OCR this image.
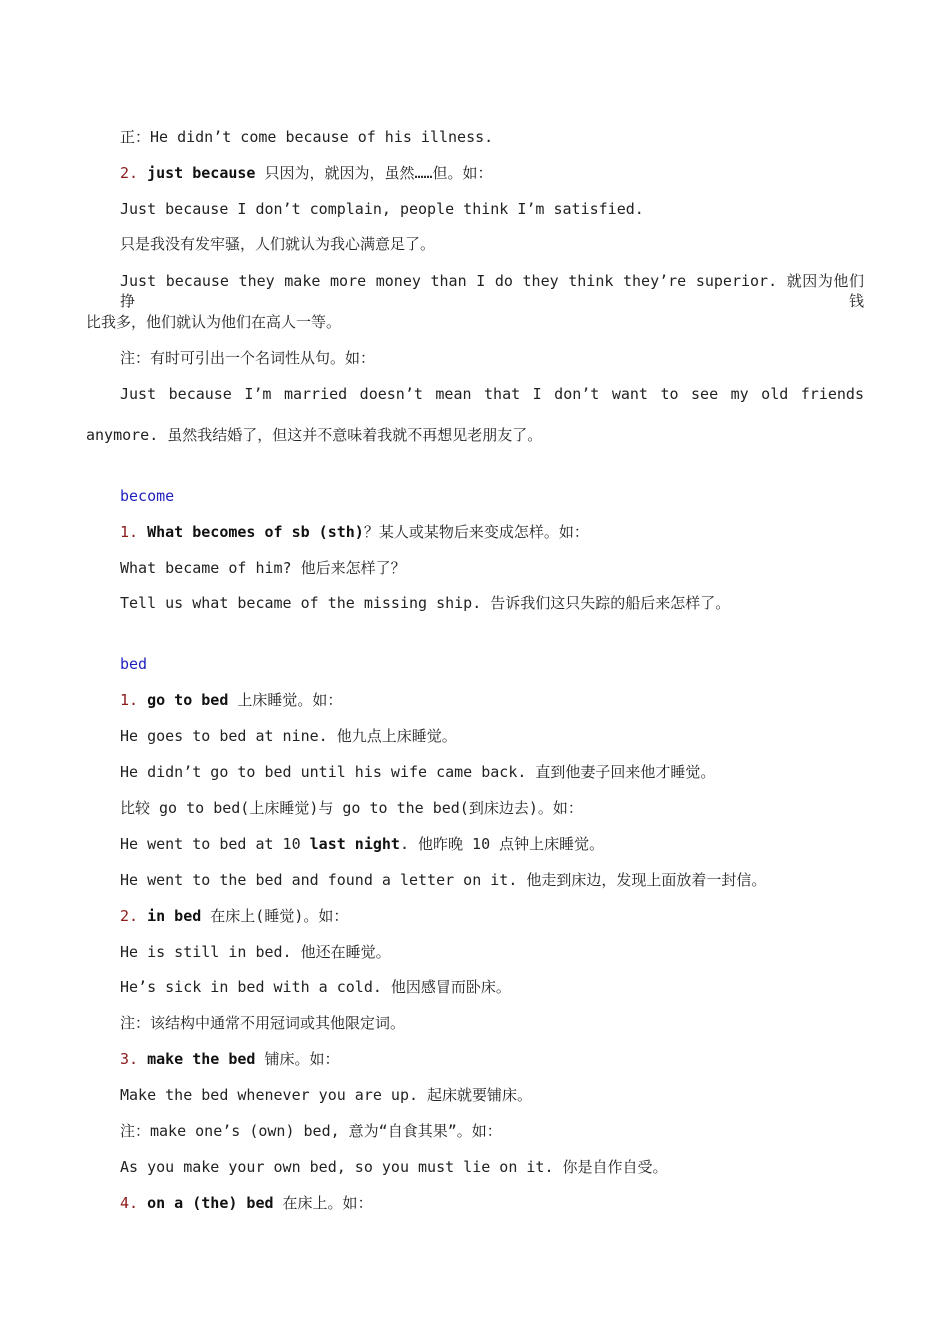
正：He didn’t come because of his illness.
2. just because 只因为，就因为，虽然……但。如：
Just because I don’t complain, people think I’m satisfied.
只是我没有发牢骚，人们就认为我心满意足了。
Just because they make more money than I do they think they’re superior. 就因为他们挣钱
比我多，他们就认为他们在高人一等。
注：有时可引出一个名词性从句。如：
Just because I’m married doesn’t mean that I don’t want to see my old friends
anymore. 虽然我结婚了，但这并不意味着我就不再想见老朋友了。
become
1. What becomes of sb (sth)？某人或某物后来变成怎样。如：
What became of him? 他后来怎样了？
Tell us what became of the missing ship. 告诉我们这只失踪的船后来怎样了。
bed
1. go to bed 上床睡觉。如：
He goes to bed at nine. 他九点上床睡觉。
He didn’t go to bed until his wife came back. 直到他妻子回来他才睡觉。
比较 go to bed(上床睡觉)与 go to the bed(到床边去)。如：
He went to bed at 10 last night. 他昨晚 10 点钟上床睡觉。
He went to the bed and found a letter on it. 他走到床边，发现上面放着一封信。
2. in bed 在床上(睡觉)。如：
He is still in bed. 他还在睡觉。
He’s sick in bed with a cold. 他因感冒而卧床。
注：该结构中通常不用冠词或其他限定词。
3. make the bed 铺床。如：
Make the bed whenever you are up. 起床就要铺床。
注：make one’s (own) bed, 意为“自食其果”。如：
As you make your own bed, so you must lie on it. 你是自作自受。
4. on a (the) bed 在床上。如：
